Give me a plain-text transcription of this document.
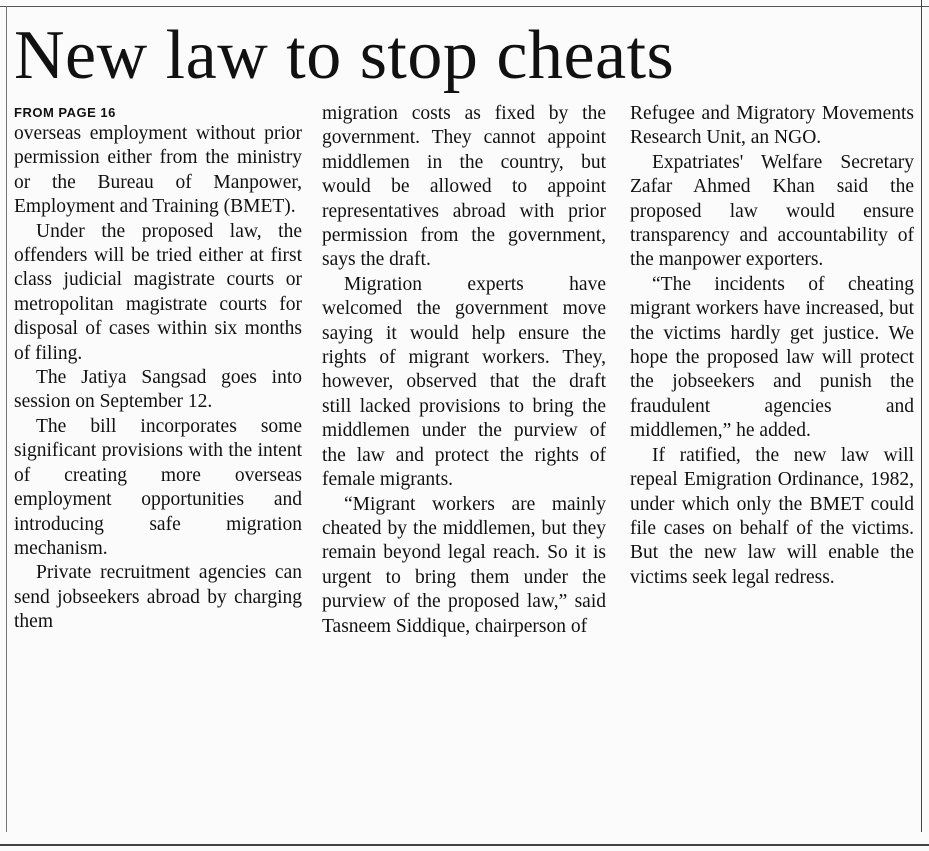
New law to stop cheats
FROM PAGE 16

overseas employment without prior permission either from the ministry or the Bureau of Manpower, Employment and Training (BMET).

Under the proposed law, the offenders will be tried either at first class judicial magistrate courts or metropolitan magistrate courts for disposal of cases within six months of filing.

The Jatiya Sangsad goes into session on September 12.

The bill incorporates some significant provisions with the intent of creating more overseas employment opportunities and introducing safe migration mechanism.

Private recruitment agencies can send jobseekers abroad by charging them

migration costs as fixed by the government. They cannot appoint middlemen in the country, but would be allowed to appoint representatives abroad with prior permission from the government, says the draft.

Migration experts have welcomed the government move saying it would help ensure the rights of migrant workers. They, however, observed that the draft still lacked provisions to bring the middlemen under the purview of the law and protect the rights of female migrants.

“Migrant workers are mainly cheated by the middlemen, but they remain beyond legal reach. So it is urgent to bring them under the purview of the proposed law,” said Tasneem Siddique, chairperson of

Refugee and Migratory Movements Research Unit, an NGO.

Expatriates' Welfare Secretary Zafar Ahmed Khan said the proposed law would ensure transparency and accountability of the manpower exporters.

“The incidents of cheating migrant workers have increased, but the victims hardly get justice. We hope the proposed law will protect the jobseekers and punish the fraudulent agencies and middlemen,” he added.

If ratified, the new law will repeal Emigration Ordinance, 1982, under which only the BMET could file cases on behalf of the victims. But the new law will enable the victims seek legal redress.
